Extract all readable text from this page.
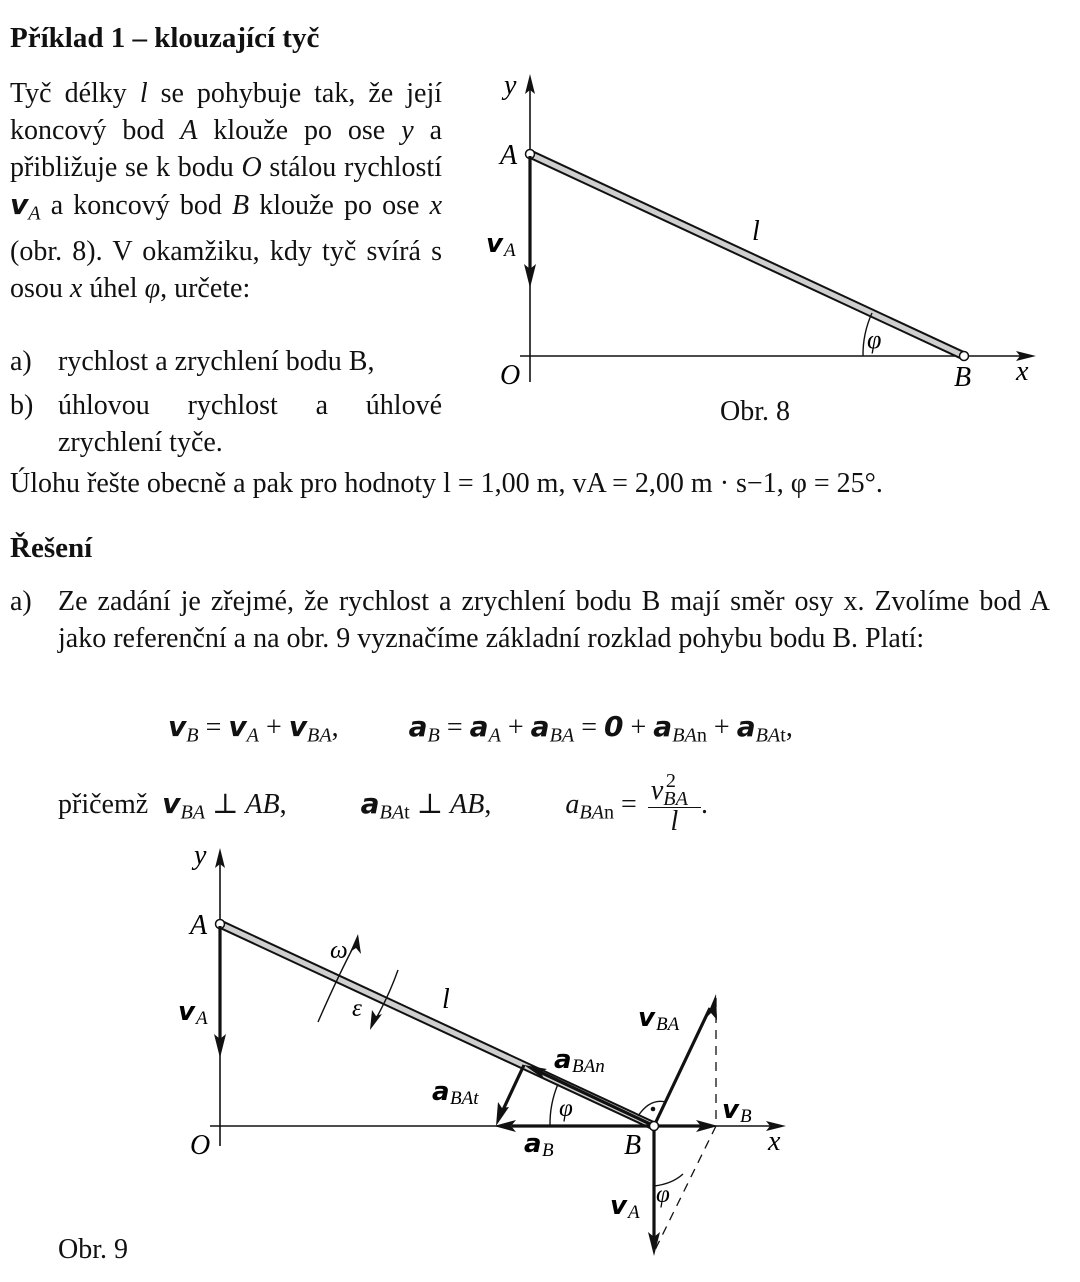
Příklad 1 – klouzající tyč
Tyč délky l se pohybuje tak, že její koncový bod A klouže po ose y a přibližuje se k bodu O stálou rychlostí $v_A$ a koncový bod B klouže po ose x (obr. 8). V okamžiku, kdy tyč svírá s osou x úhel φ, určete:
a) rychlost a zrychlení bodu B,
b) úhlovou rychlost a úhlové zrychlení tyče.
Úlohu řešte obecně a pak pro hodnoty l = 1,00 m, vA = 2,00 m · s−1, φ = 25°.
y
A
O	B x
l
φ
v A
Obr. 8
Řešení
a) Ze zadání je zřejmé, že rychlost a zrychlení bodu B mají směr osy x. Zvolíme bod A jako referenční a na obr. 9 vyznačíme základní rozklad pohybu bodu B. Platí:
$v_B = v_A + v_{BA}$,  $a_B = a_A + a_{BA} = 0 + a_{BAn} + a_{BAt}$,
přičemž $v_{BA}$ ⊥ AB,  $a_{BAt}$ ⊥ AB,  $a_{BAn} = v_{BA}^2$
l
.
y
A
O	B	x
l
ω
ε
φ
φ
v A
v A
v BA
v B
a B
a BAn
a BAt
Obr. 9
